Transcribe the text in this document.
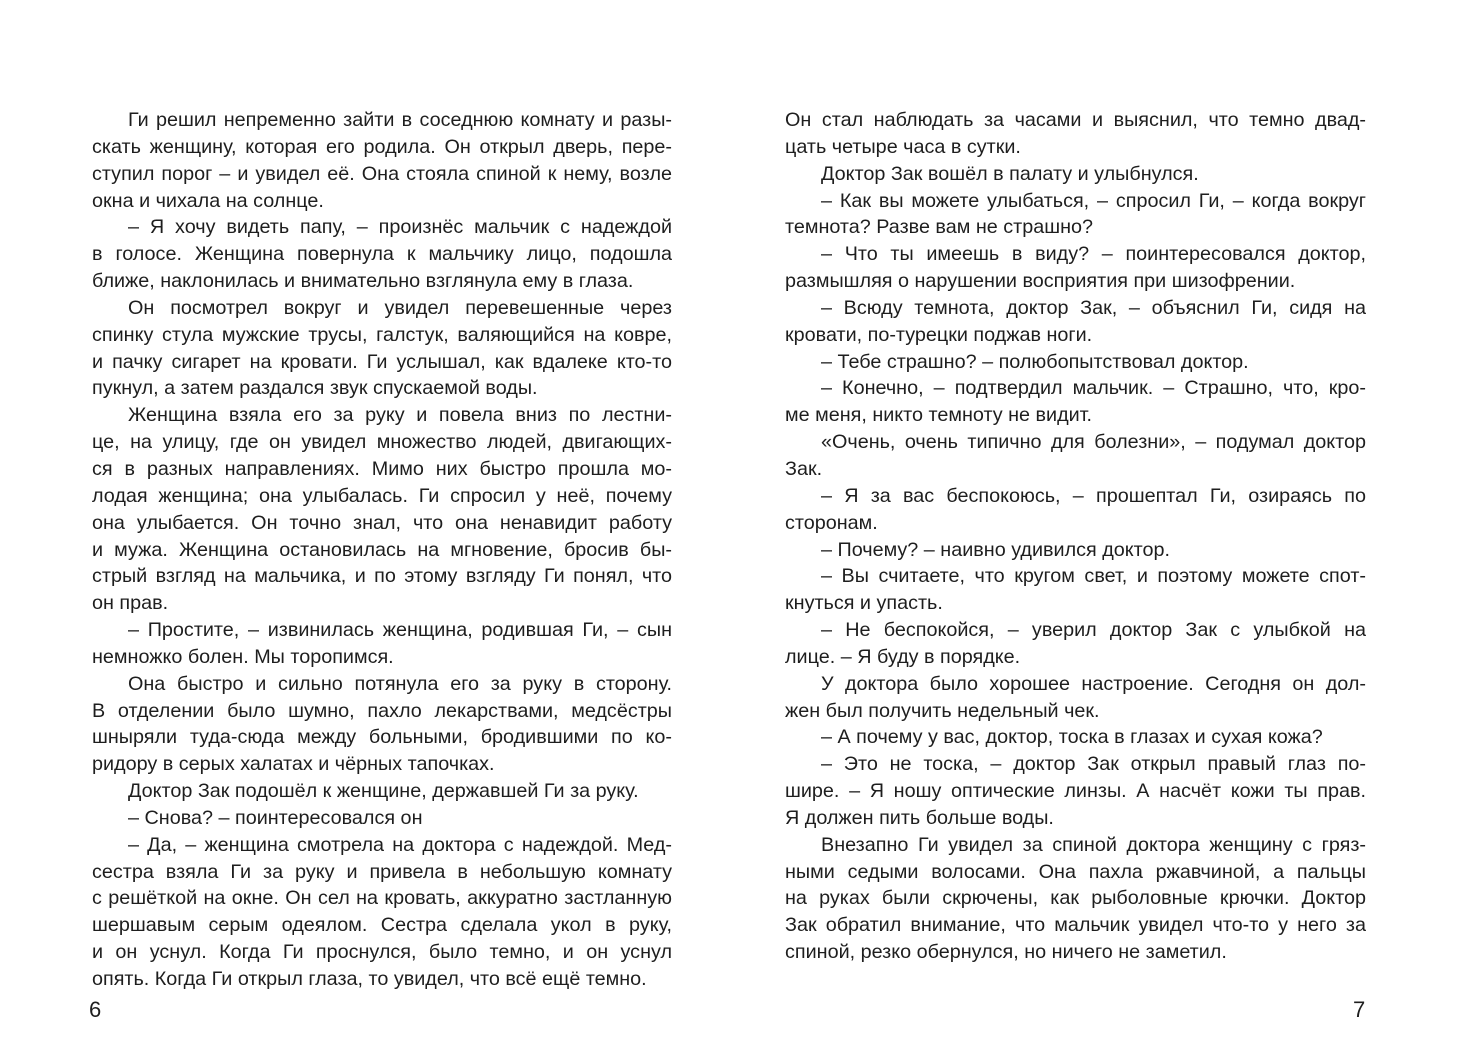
Ги решил непременно зайти в соседнюю комнату и разы-
скать женщину, которая его родила. Он открыл дверь, пере-
ступил порог – и увидел её. Она стояла спиной к нему, возле
окна и чихала на солнце.
– Я хочу видеть папу, – произнёс мальчик с надеждой
в голосе. Женщина повернула к мальчику лицо, подошла
ближе, наклонилась и внимательно взглянула ему в глаза.
Он посмотрел вокруг и увидел перевешенные через
спинку стула мужские трусы, галстук, валяющийся на ковре,
и пачку сигарет на кровати. Ги услышал, как вдалеке кто-то
пукнул, а затем раздался звук спускаемой воды.
Женщина взяла его за руку и повела вниз по лестни-
це, на улицу, где он увидел множество людей, двигающих-
ся в разных направлениях. Мимо них быстро прошла мо-
лодая женщина; она улыбалась. Ги спросил у неё, почему
она улыбается. Он точно знал, что она ненавидит работу
и мужа. Женщина остановилась на мгновение, бросив бы-
стрый взгляд на мальчика, и по этому взгляду Ги понял, что
он прав.
– Простите, – извинилась женщина, родившая Ги, – сын
немножко болен. Мы торопимся.
Она быстро и сильно потянула его за руку в сторону.
В отделении было шумно, пахло лекарствами, медсёстры
шныряли туда-сюда между больными, бродившими по ко-
ридору в серых халатах и чёрных тапочках.
Доктор Зак подошёл к женщине, державшей Ги за руку.
– Снова? – поинтересовался он
– Да, – женщина смотрела на доктора с надеждой. Мед-
сестра взяла Ги за руку и привела в небольшую комнату
с решёткой на окне. Он сел на кровать, аккуратно застланную
шершавым серым одеялом. Сестра сделала укол в руку,
и он уснул. Когда Ги проснулся, было темно, и он уснул
опять. Когда Ги открыл глаза, то увидел, что всё ещё темно.
6
Он стал наблюдать за часами и выяснил, что темно двад-
цать четыре часа в сутки.
Доктор Зак вошёл в палату и улыбнулся.
– Как вы можете улыбаться, – спросил Ги, – когда вокруг
темнота? Разве вам не страшно?
– Что ты имеешь в виду? – поинтересовался доктор,
размышляя о нарушении восприятия при шизофрении.
– Всюду темнота, доктор Зак, – объяснил Ги, сидя на
кровати, по-турецки поджав ноги.
– Тебе страшно? – полюбопытствовал доктор.
– Конечно, – подтвердил мальчик. – Страшно, что, кро-
ме меня, никто темноту не видит.
«Очень, очень типично для болезни», – подумал доктор
Зак.
– Я за вас беспокоюсь, – прошептал Ги, озираясь по
сторонам.
– Почему? – наивно удивился доктор.
– Вы считаете, что кругом свет, и поэтому можете спот-
кнуться и упасть.
– Не беспокойся, – уверил доктор Зак с улыбкой на
лице. – Я буду в порядке.
У доктора было хорошее настроение. Сегодня он дол-
жен был получить недельный чек.
– А почему у вас, доктор, тоска в глазах и сухая кожа?
– Это не тоска, – доктор Зак открыл правый глаз по-
шире. – Я ношу оптические линзы. А насчёт кожи ты прав.
Я должен пить больше воды.
Внезапно Ги увидел за спиной доктора женщину с гряз-
ными седыми волосами. Она пахла ржавчиной, а пальцы
на руках были скрючены, как рыболовные крючки. Доктор
Зак обратил внимание, что мальчик увидел что-то у него за
спиной, резко обернулся, но ничего не заметил.
7
